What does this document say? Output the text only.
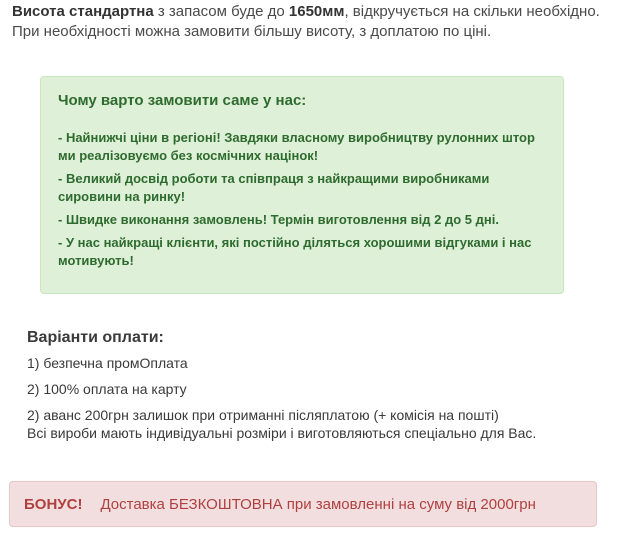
Висота стандартна з запасом буде до 1650мм, відкручується на скільки необхідно. При необхідності можна замовити більшу висоту, з доплатою по ціні.

Чому варто замовити саме у нас:

- Найнижчі ціни в регіоні! Завдяки власному виробництву рулонних штор ми реалізовуємо без космічних націнок!

- Великий досвід роботи та співпраця з найкращими виробниками сировини на ринку!

- Швидке виконання замовлень! Термін виготовлення від 2 до 5 дні.

- У нас найкращі клієнти, які постійно діляться хорошими відгуками і нас мотивують!

Варіанти оплати:

1) безпечна промОплата

2) 100% оплата на карту

2) аванс 200грн залишок при отриманні післяплатою (+ комісія на пошті)

Всі вироби мають індивідуальні розміри і виготовляються спеціально для Вас.

БОНУС! Доставка БЕЗКОШТОВНА при замовленні на суму від 2000грн
